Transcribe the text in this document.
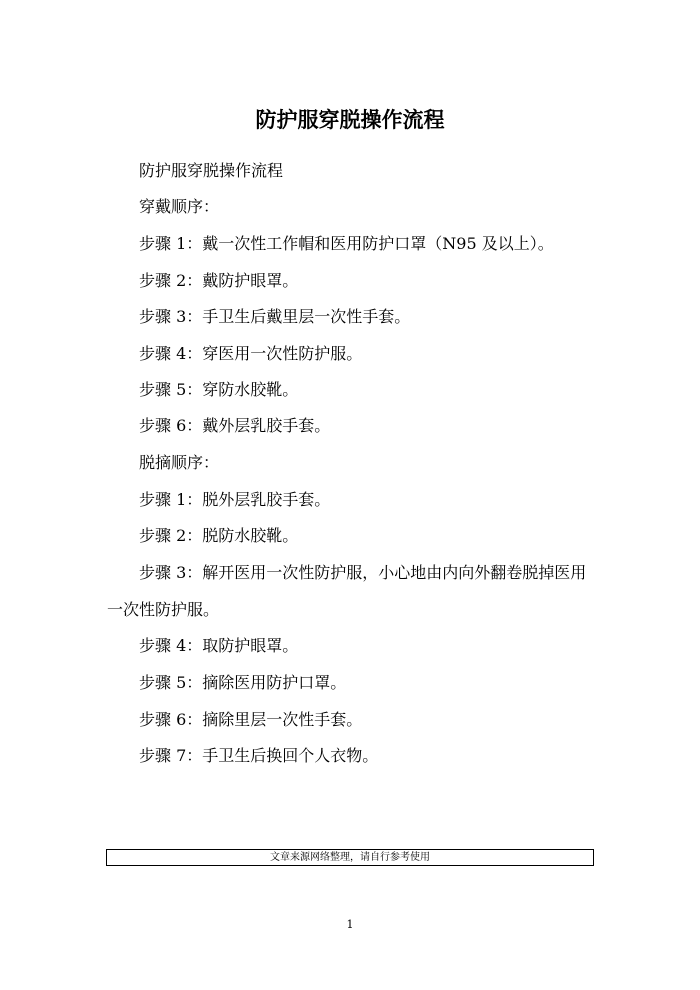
防护服穿脱操作流程

防护服穿脱操作流程

穿戴顺序：

步骤 1：戴一次性工作帽和医用防护口罩（N95 及以上）。

步骤 2：戴防护眼罩。

步骤 3：手卫生后戴里层一次性手套。

步骤 4：穿医用一次性防护服。

步骤 5：穿防水胶靴。

步骤 6：戴外层乳胶手套。

脱摘顺序：

步骤 1：脱外层乳胶手套。

步骤 2：脱防水胶靴。

步骤 3：解开医用一次性防护服，小心地由内向外翻卷脱掉医用

一次性防护服。

步骤 4：取防护眼罩。

步骤 5：摘除医用防护口罩。

步骤 6：摘除里层一次性手套。

步骤 7：手卫生后换回个人衣物。

文章来源网络整理，请自行参考使用
1
